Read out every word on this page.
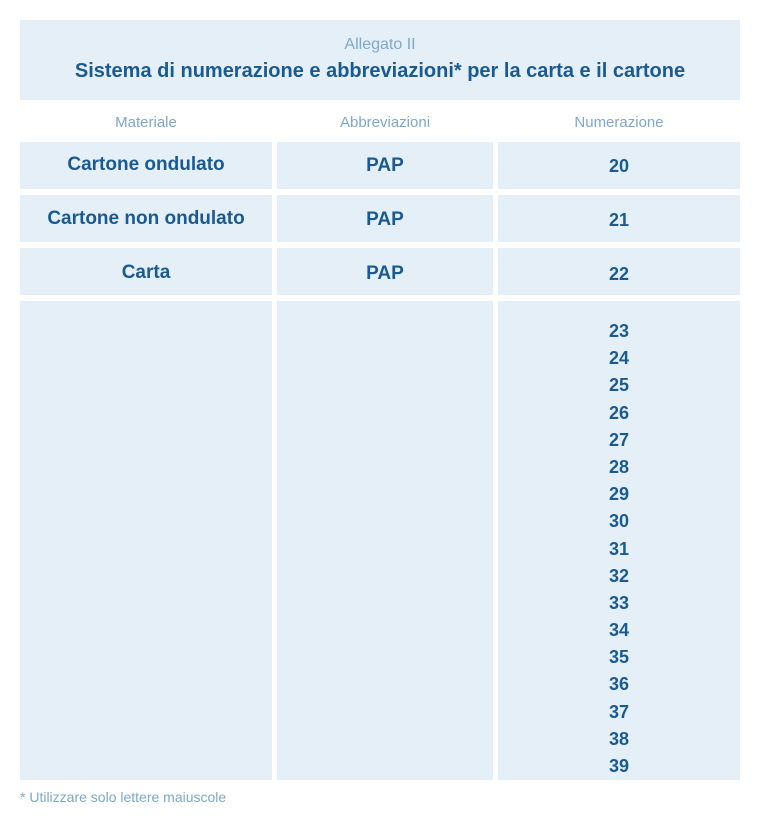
Allegato II
Sistema di numerazione e abbreviazioni* per la carta e il cartone
Materiale	Abbreviazioni	Numerazione
Cartone ondulato	PAP	20
Cartone non ondulato	PAP	21
Carta	PAP	22
23
24
25
26
27
28
29
30
31
32
33
34
35
36
37
38
39
* Utilizzare solo lettere maiuscole
